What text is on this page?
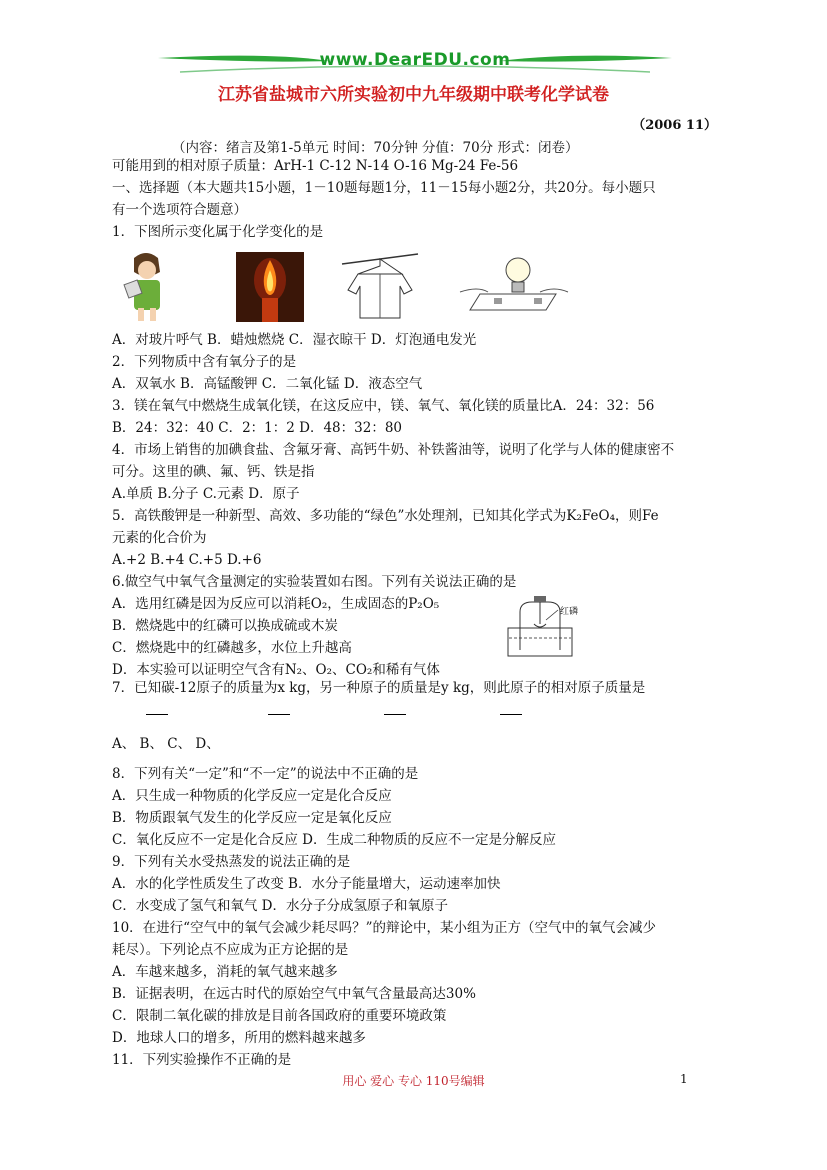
www.DearEDU.com
江苏省盐城市六所实验初中九年级期中联考化学试卷
（2006 11）
（内容：绪言及第1-5单元 时间：70分钟 分值：70分 形式：闭卷）
可能用到的相对原子质量：ArH-1 C-12 N-14 O-16 Mg-24 Fe-56
一、选择题（本大题共15小题，1－10题每题1分，11－15每小题2分，共20分。每小题只
有一个选项符合题意）
1．下图所示变化属于化学变化的是
A．对玻片呼气 B．蜡烛燃烧 C．湿衣晾干 D．灯泡通电发光
2．下列物质中含有氧分子的是
A．双氧水 B．高锰酸钾 C．二氧化锰 D．液态空气
3．镁在氧气中燃烧生成氧化镁，在这反应中，镁、氧气、氧化镁的质量比A．24：32：56
B．24：32：40 C．2：1：2 D．48：32：80
4．市场上销售的加碘食盐、含氟牙膏、高钙牛奶、补铁酱油等，说明了化学与人体的健康密不
可分。这里的碘、氟、钙、铁是指
A.单质 B.分子 C.元素 D．原子
5．高铁酸钾是一种新型、高效、多功能的“绿色”水处理剂，已知其化学式为K₂FeO₄，则Fe
元素的化合价为
A.+2 B.+4 C.+5 D.+6
6.做空气中氧气含量测定的实验装置如右图。下列有关说法正确的是
A．选用红磷是因为反应可以消耗O₂，生成固态的P₂O₅
B．燃烧匙中的红磷可以换成硫或木炭
C．燃烧匙中的红磷越多，水位上升越高
D．本实验可以证明空气含有N₂、O₂、CO₂和稀有气体
红磷
7．已知碳-12原子的质量为x kg，另一种原子的质量是y kg，则此原子的相对原子质量是
A、 B、 C、 D、
8．下列有关“一定”和“不一定”的说法中不正确的是
A．只生成一种物质的化学反应一定是化合反应
B．物质跟氧气发生的化学反应一定是氧化反应
C．氧化反应不一定是化合反应 D．生成二种物质的反应不一定是分解反应
9．下列有关水受热蒸发的说法正确的是
A．水的化学性质发生了改变 B．水分子能量增大，运动速率加快
C．水变成了氢气和氧气 D．水分子分成氢原子和氧原子
10．在进行“空气中的氧气会减少耗尽吗？”的辩论中，某小组为正方（空气中的氧气会减少
耗尽）。下列论点不应成为正方论据的是
A．车越来越多，消耗的氧气越来越多
B．证据表明，在远古时代的原始空气中氧气含量最高达30%
C．限制二氧化碳的排放是目前各国政府的重要环境政策
D．地球人口的增多，所用的燃料越来越多
11．下列实验操作不正确的是
用心 爱心 专心 110号编辑	1
